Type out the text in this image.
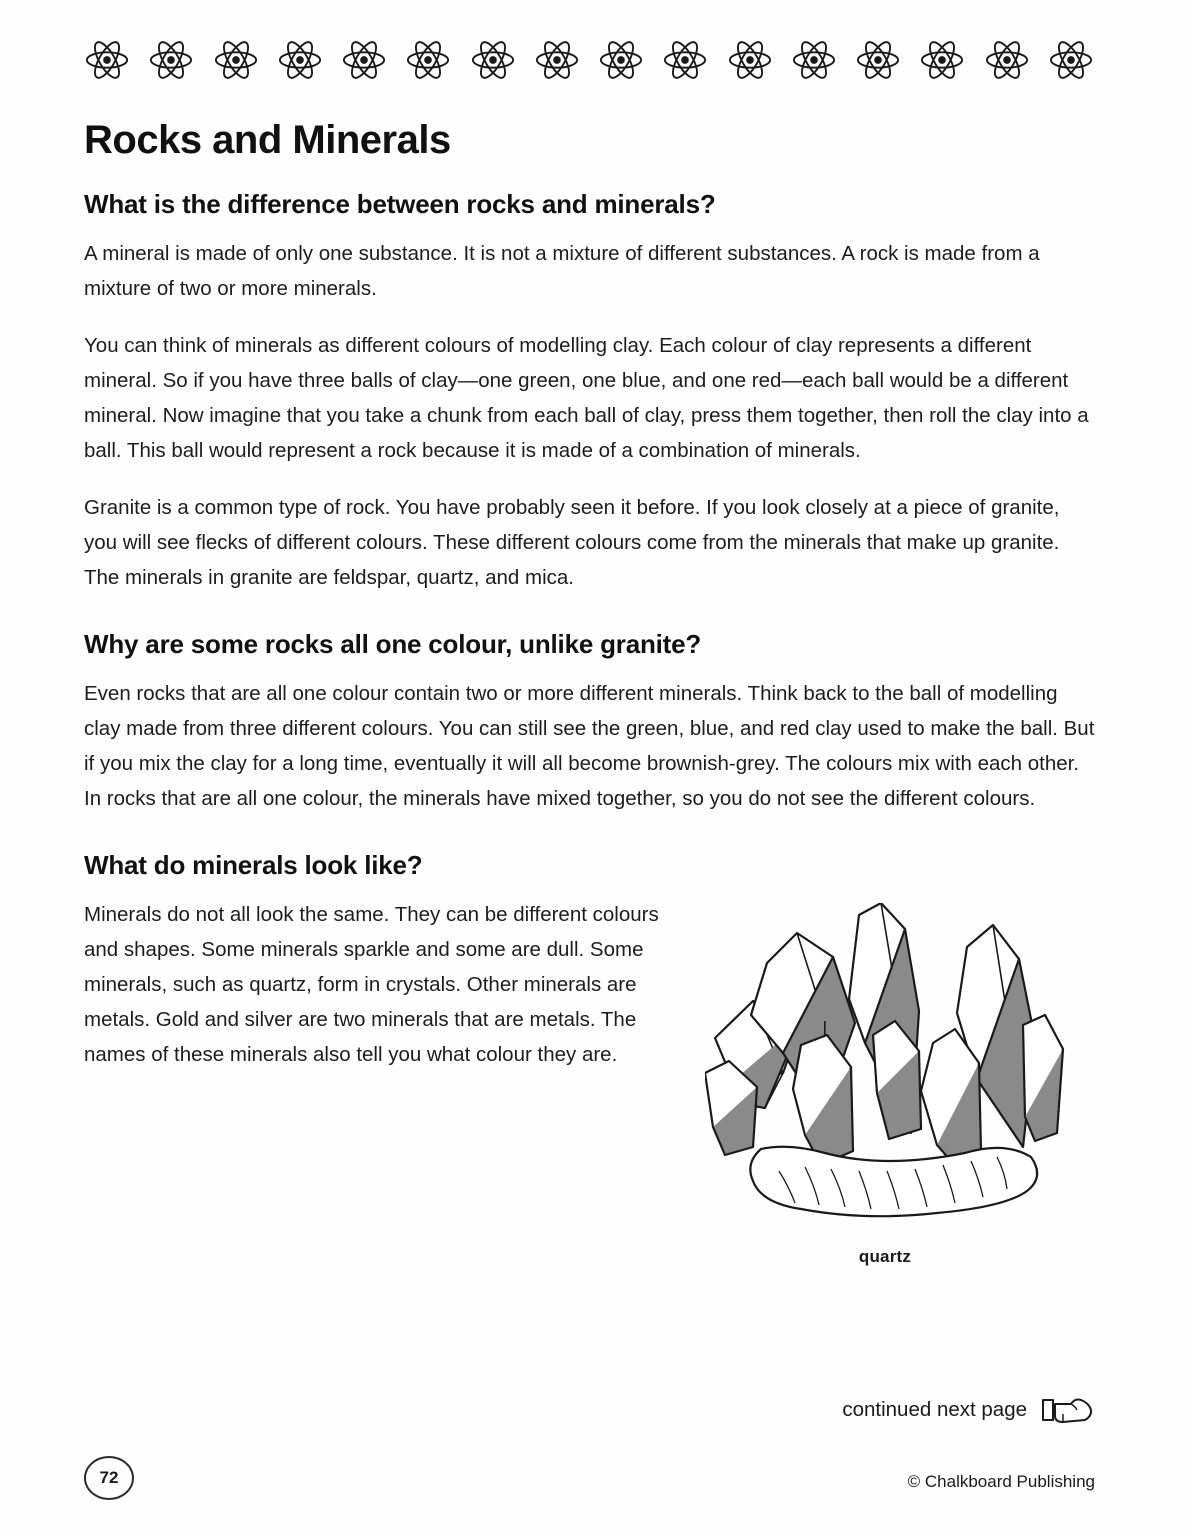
Rocks and Minerals
What is the difference between rocks and minerals?

A mineral is made of only one substance. It is not a mixture of different substances. A rock is made from a mixture of two or more minerals.

You can think of minerals as different colours of modelling clay. Each colour of clay represents a different mineral. So if you have three balls of clay—one green, one blue, and one red—each ball would be a different mineral. Now imagine that you take a chunk from each ball of clay, press them together, then roll the clay into a ball. This ball would represent a rock because it is made of a combination of minerals.

Granite is a common type of rock. You have probably seen it before. If you look closely at a piece of granite, you will see flecks of different colours. These different colours come from the minerals that make up granite. The minerals in granite are feldspar, quartz, and mica.

Why are some rocks all one colour, unlike granite?

Even rocks that are all one colour contain two or more different minerals. Think back to the ball of modelling clay made from three different colours. You can still see the green, blue, and red clay used to make the ball. But if you mix the clay for a long time, eventually it will all become brownish-grey. The colours mix with each other. In rocks that are all one colour, the minerals have mixed together, so you do not see the different colours.

What do minerals look like?

Minerals do not all look the same. They can be different colours and shapes. Some minerals sparkle and some are dull. Some minerals, such as quartz, form in crystals. Other minerals are metals. Gold and silver are two minerals that are metals. The names of these minerals also tell you what colour they are.

quartz
continued next page
72	© Chalkboard Publishing
